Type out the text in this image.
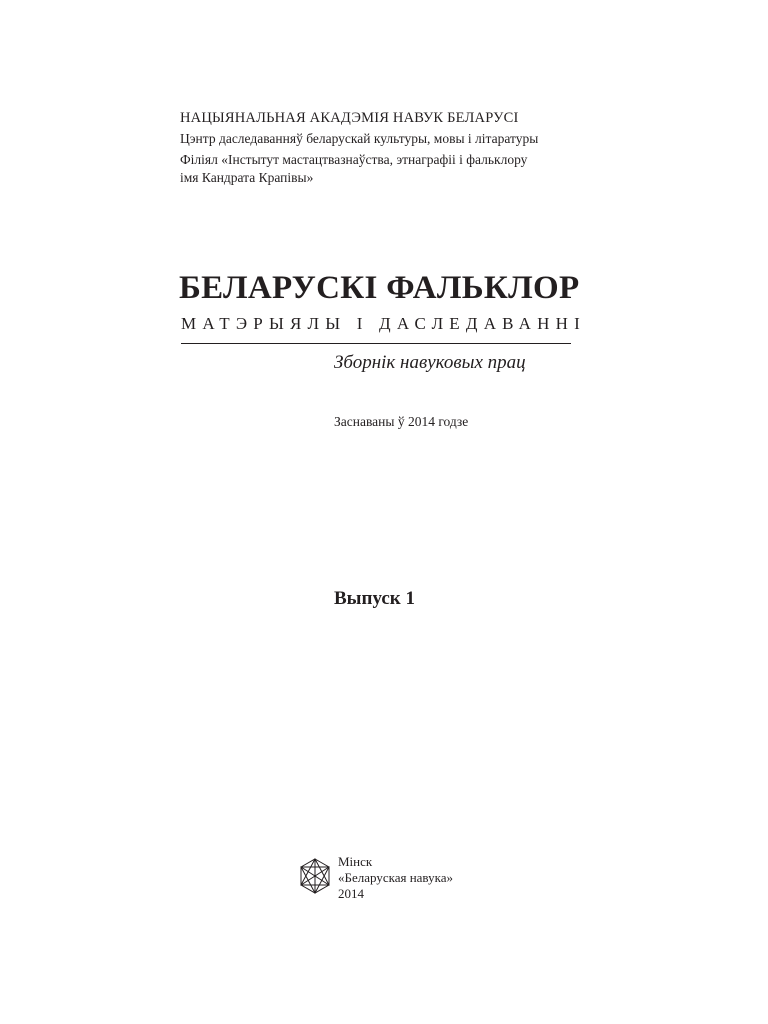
НАЦЫЯНАЛЬНАЯ АКАДЭМІЯ НАВУК БЕЛАРУСІ

Цэнтр даследаванняў беларускай культуры, мовы і літаратуры

Філіял «Інстытут мастацтвазнаўства, этнаграфіі і фальклору

імя Кандрата Крапівы»

БЕЛАРУСКІ ФАЛЬКЛОР

МАТЭРЫЯЛЫ І ДАСЛЕДАВАННІ

Зборнік навуковых прац

Заснаваны ў 2014 годзе

Выпуск 1

Мінск

«Беларуская навука»

2014
